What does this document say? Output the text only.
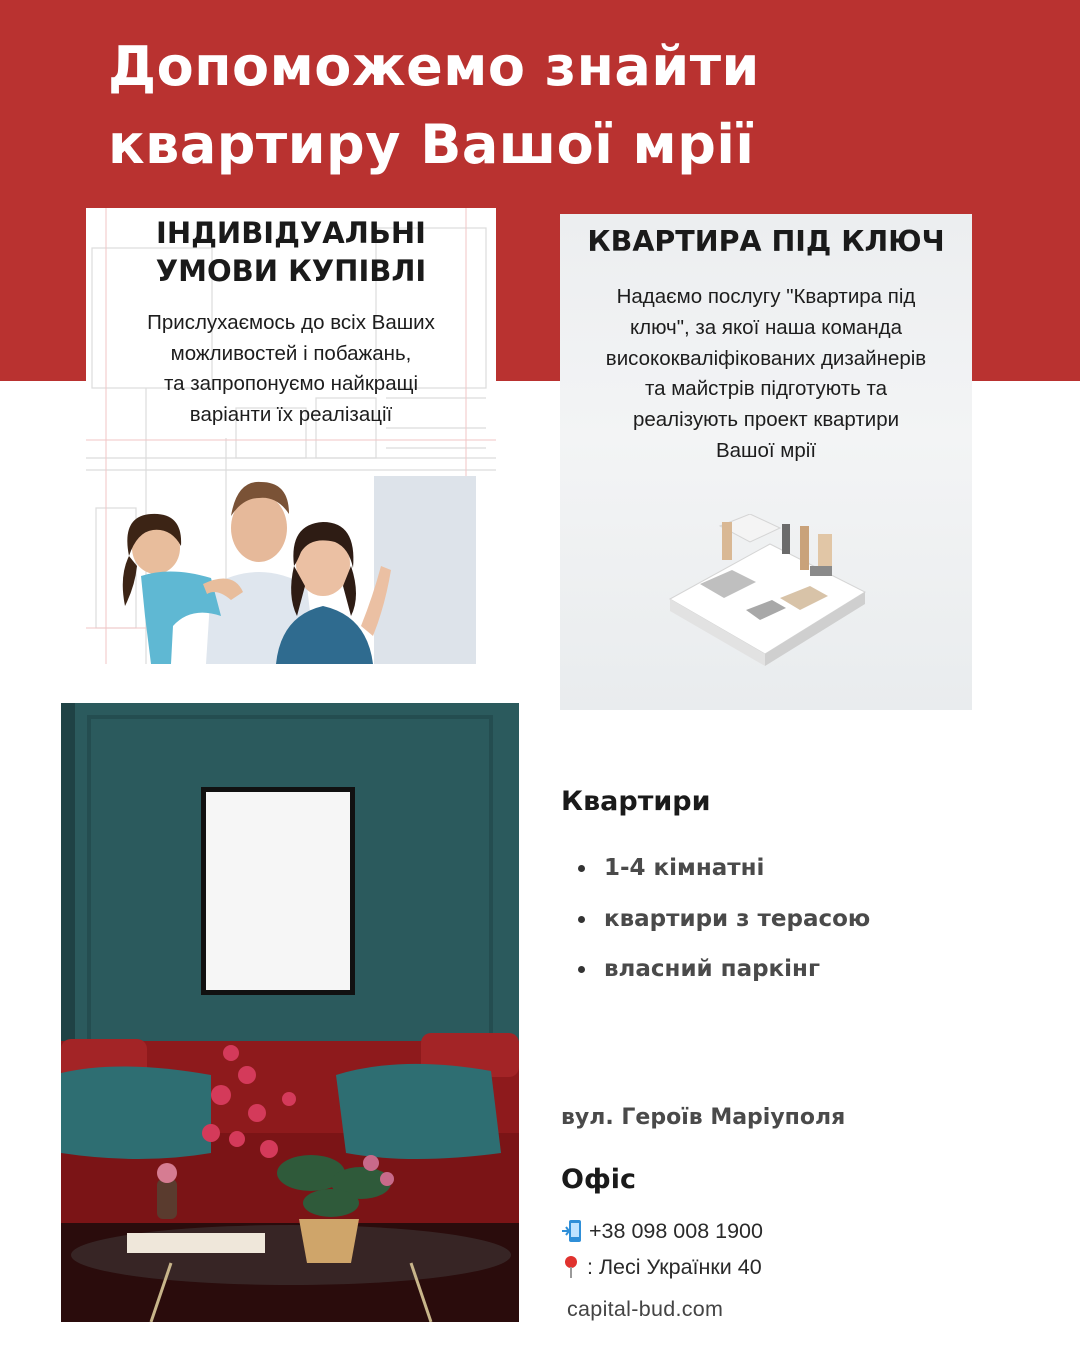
Допоможемо знайти
квартиру Вашої мрії
ІНДИВІДУАЛЬНІ
УМОВИ КУПІВЛІ
Прислухаємось до всіх Ваших
можливостей і побажань,
та запропонуємо найкращі
варіанти їх реалізації
КВАРТИРА ПІД КЛЮЧ
Надаємо послугу "Квартира під
ключ", за якої наша команда
висококваліфікованих дизайнерів
та майстрів підготують та
реалізують проект квартири
Вашої мрії
Квартири
1-4 кімнатні
квартири з терасою
власний паркінг
вул. Героїв Маріуполя
Офіс
+38 098 008 1900
: Лесі Українки 40
capital-bud.com
